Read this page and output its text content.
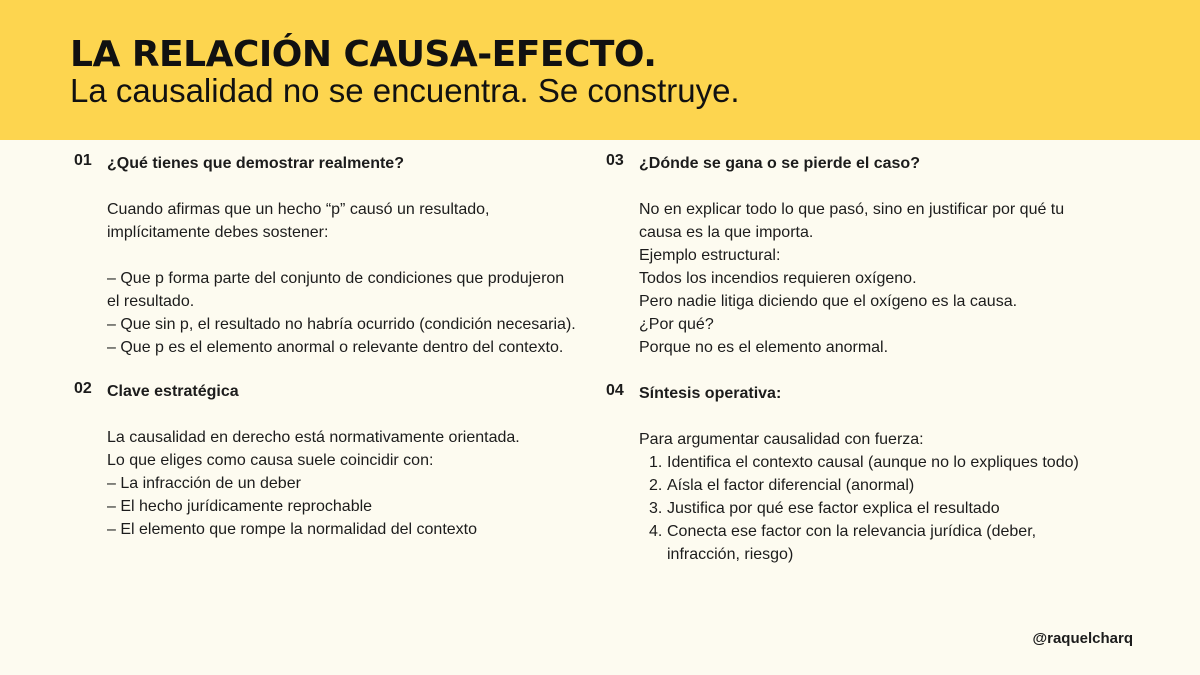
LA RELACIÓN CAUSA-EFECTO.
La causalidad no se encuentra. Se construye.
01 ¿Qué tienes que demostrar realmente?
Cuando afirmas que un hecho “p” causó un resultado,
implícitamente debes sostener:
– Que p forma parte del conjunto de condiciones que produjeron
el resultado.
– Que sin p, el resultado no habría ocurrido (condición necesaria).
– Que p es el elemento anormal o relevante dentro del contexto.
02 Clave estratégica
La causalidad en derecho está normativamente orientada.
Lo que eliges como causa suele coincidir con:
– La infracción de un deber
– El hecho jurídicamente reprochable
– El elemento que rompe la normalidad del contexto
03 ¿Dónde se gana o se pierde el caso?
No en explicar todo lo que pasó, sino en justificar por qué tu
causa es la que importa.
Ejemplo estructural:
Todos los incendios requieren oxígeno.
Pero nadie litiga diciendo que el oxígeno es la causa.
¿Por qué?
Porque no es el elemento anormal.
04 Síntesis operativa:
Para argumentar causalidad con fuerza:
1. Identifica el contexto causal (aunque no lo expliques todo)
2. Aísla el factor diferencial (anormal)
3. Justifica por qué ese factor explica el resultado
4. Conecta ese factor con la relevancia jurídica (deber, infracción, riesgo)
@raquelcharq
